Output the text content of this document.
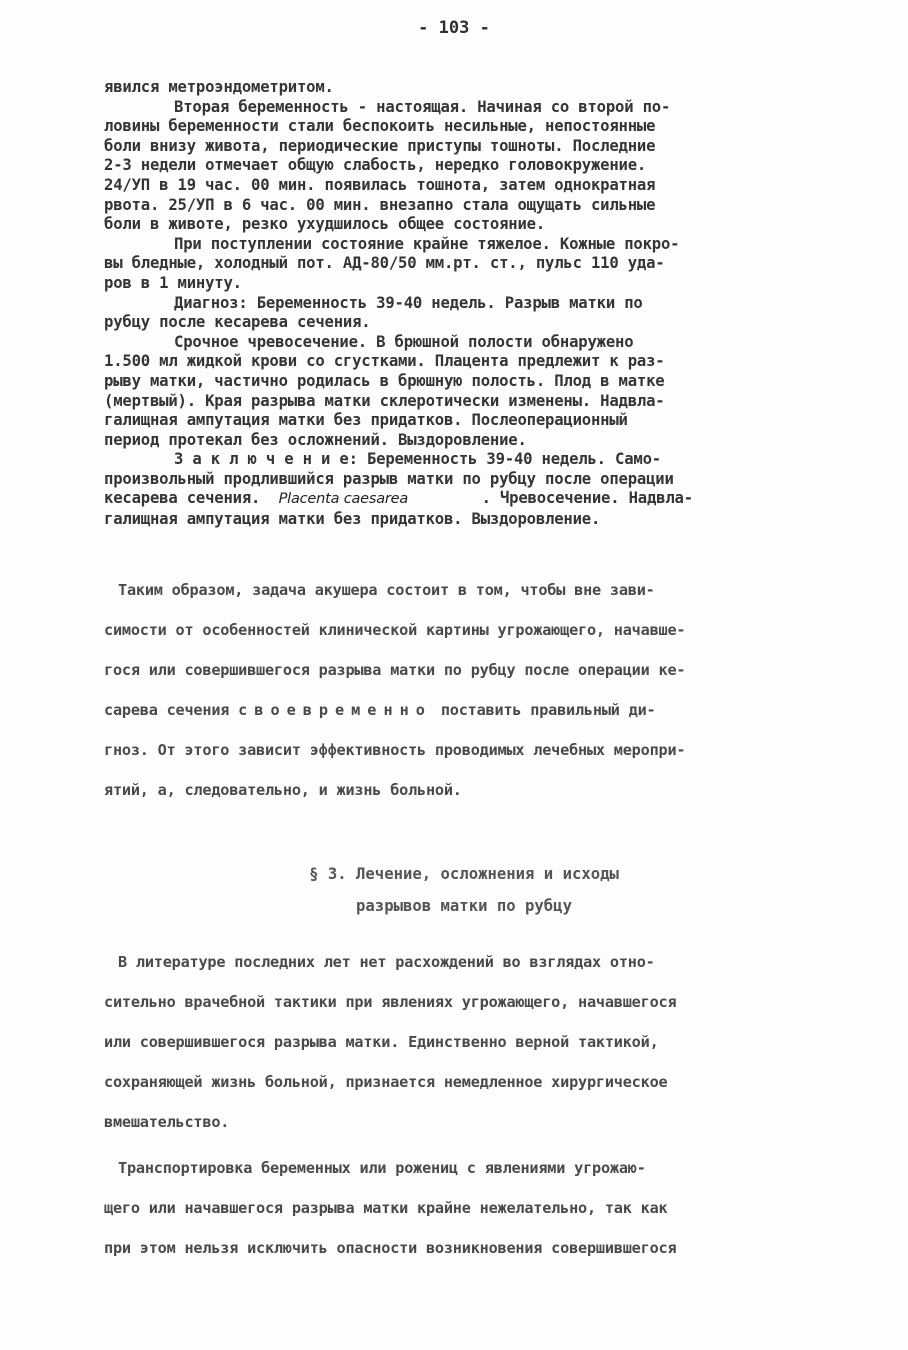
- 103 -

явился метроэндометритом.

Вторая беременность - настоящая. Начиная со второй по-

ловины беременности стали беспокоить несильные, непостоянные

боли внизу живота, периодические приступы тошноты. Последние

2-3 недели отмечает общую слабость, нередко головокружение.

24/УП в 19 час. 00 мин. появилась тошнота, затем однократная

рвота. 25/УП в 6 час. 00 мин. внезапно стала ощущать сильные

боли в животе, резко ухудшилось общее состояние.

При поступлении состояние крайне тяжелое. Кожные покро-

вы бледные, холодный пот. АД-80/50 мм.рт. ст., пульс 110 уда-

ров в 1 минуту.

Диагноз: Беременность 39-40 недель. Разрыв матки по

рубцу после кесарева сечения.

Срочное чревосечение. В брюшной полости обнаружено

1.500 мл жидкой крови со сгустками. Плацента предлежит к раз-

рыву матки, частично родилась в брюшную полость. Плод в матке

(мертвый). Края разрыва матки склеротически изменены. Надвла-

галищная ампутация матки без придатков. Послеоперационный

период протекал без осложнений. Выздоровление.

З а к л ю ч е н и е: Беременность 39-40 недель. Само-

произвольный продлившийся разрыв матки по рубцу после операции

кесарева сечения.  Placenta caesarea        . Чревосечение. Надвла-

галищная ампутация матки без придатков. Выздоровление.

Таким образом, задача акушера состоит в том, чтобы вне зави-

симости от особенностей клинической картины угрожающего, начавше-

гося или совершившегося разрыва матки по рубцу после операции ке-

сарева сечения своевременно поставить правильный ди-

гноз. От этого зависит эффективность проводимых лечебных меропри-

ятий, а, следовательно, и жизнь больной.

§ 3. Лечение, осложнения и исходы
разрывов матки по рубцу

В литературе последних лет нет расхождений во взглядах отно-

сительно врачебной тактики при явлениях угрожающего, начавшегося

или совершившегося разрыва матки. Единственно верной тактикой,

сохраняющей жизнь больной, признается немедленное хирургическое

вмешательство.

Транспортировка беременных или рожениц с явлениями угрожаю-

щего или начавшегося разрыва матки крайне нежелательно, так как

при этом нельзя исключить опасности возникновения совершившегося
